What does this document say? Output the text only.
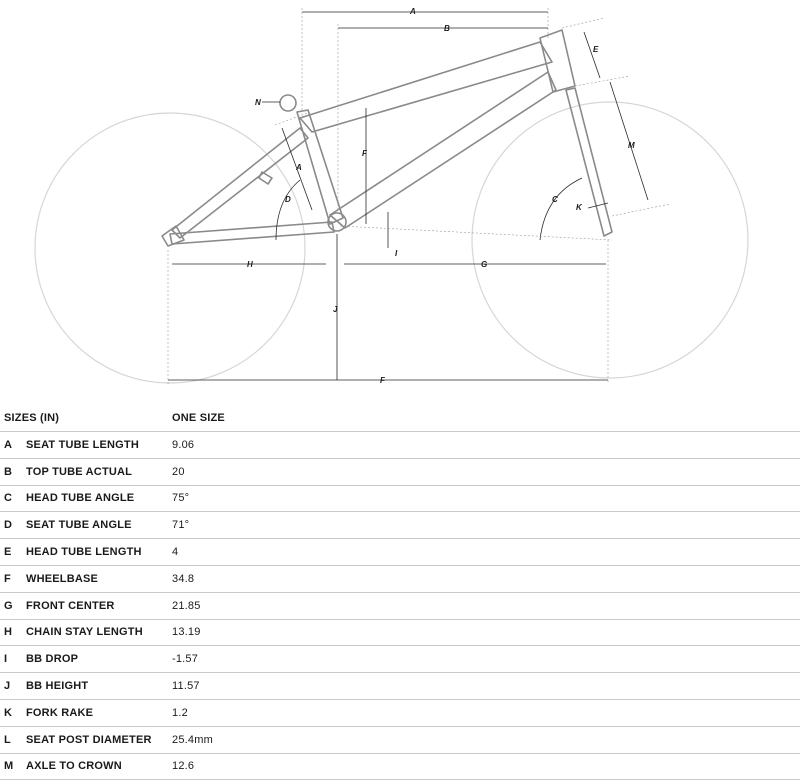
A
B
E
N
M
A
F
D	C
K
I
H	G
J
F
SIZES (IN)	ONE SIZE
A	SEAT TUBE LENGTH	9.06
B	TOP TUBE ACTUAL	20
C	HEAD TUBE ANGLE	75°
D	SEAT TUBE ANGLE	71°
E	HEAD TUBE LENGTH	4
F	WHEELBASE	34.8
G	FRONT CENTER	21.85
H	CHAIN STAY LENGTH	13.19
I	BB DROP	-1.57
J	BB HEIGHT	11.57
K	FORK RAKE	1.2
L	SEAT POST DIAMETER	25.4mm
M	AXLE TO CROWN	12.6
